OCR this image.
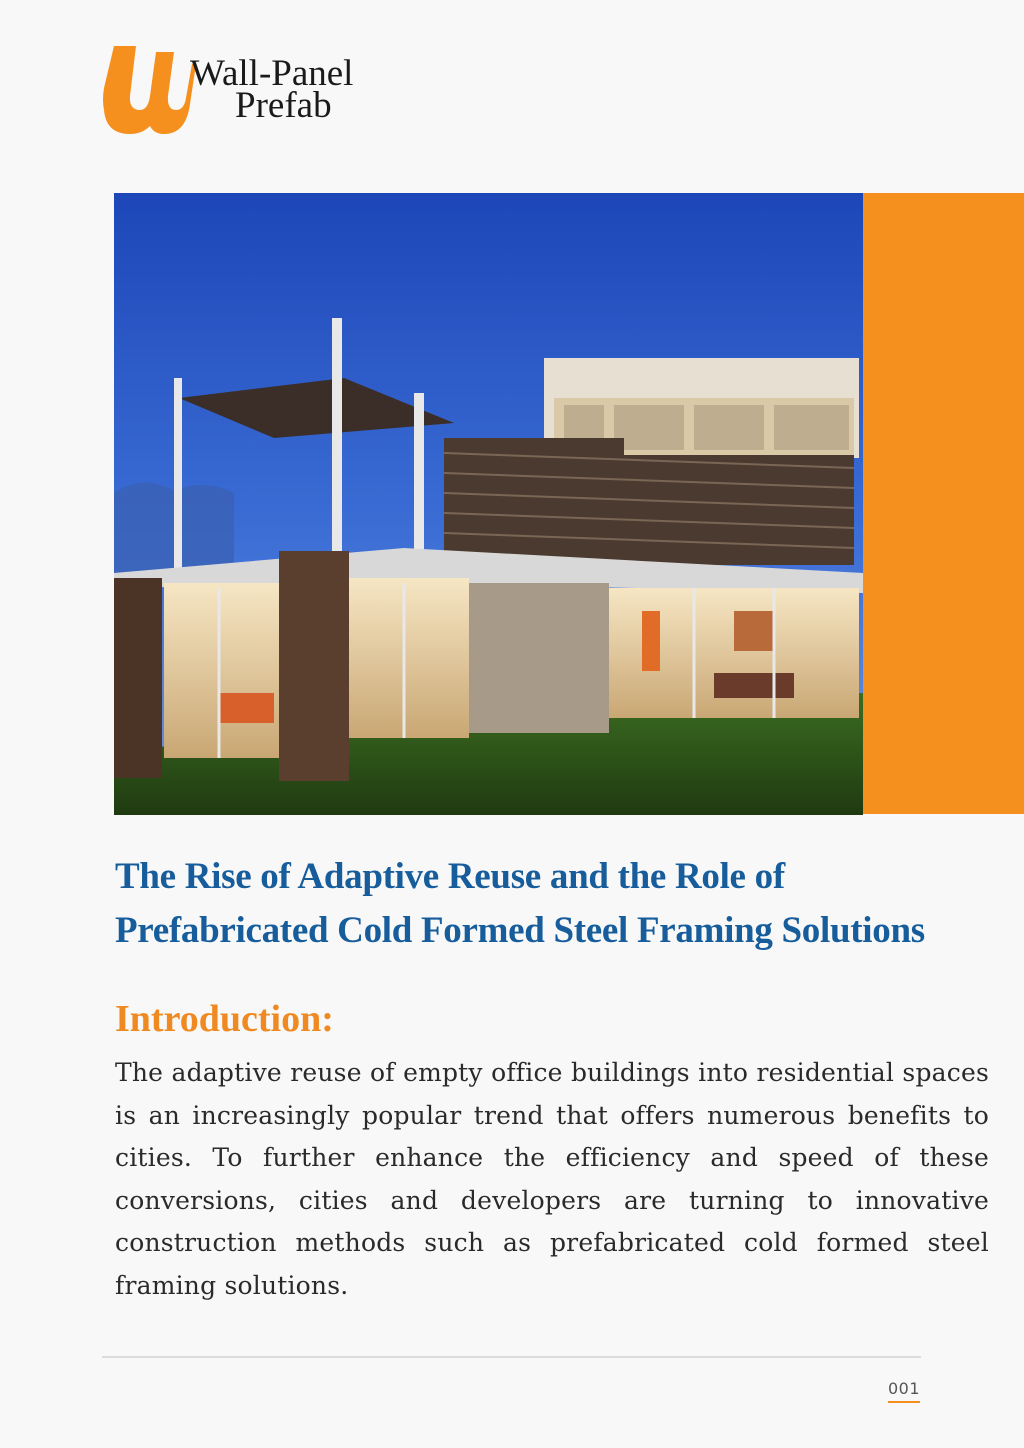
Wall-Panel
Prefab
The Rise of Adaptive Reuse and the Role of Prefabricated Cold Formed Steel Framing Solutions
Introduction:

The adaptive reuse of empty office buildings into residential spaces is an increasingly popular trend that offers numerous benefits to cities. To further enhance the efficiency and speed of these conversions, cities and developers are turning to innovative construction methods such as prefabricated cold formed steel framing solutions.

001
